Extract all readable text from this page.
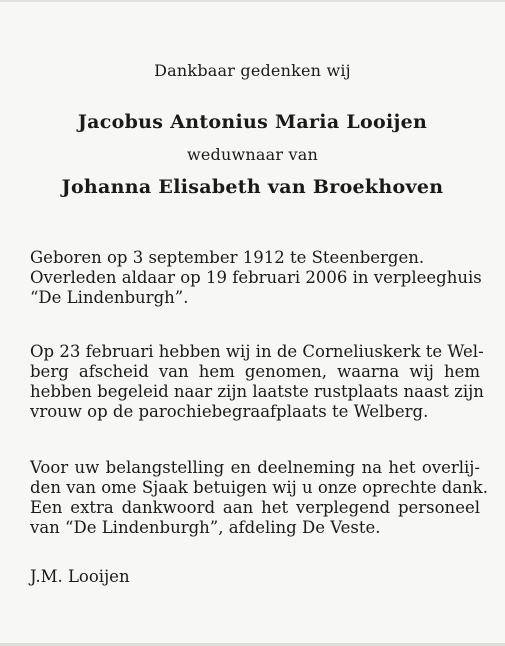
Dankbaar gedenken wij
Jacobus Antonius Maria Looijen
weduwnaar van
Johanna Elisabeth van Broekhoven
Geboren op 3 september 1912 te Steenbergen.
Overleden aldaar op 19 februari 2006 in verpleeghuis
“De Lindenburgh”.
Op 23 februari hebben wij in de Corneliuskerk te Wel-
berg afscheid van hem genomen, waarna wij hem
hebben begeleid naar zijn laatste rustplaats naast zijn
vrouw op de parochiebegraafplaats te Welberg.
Voor uw belangstelling en deelneming na het overlij-
den van ome Sjaak betuigen wij u onze oprechte dank.
Een extra dankwoord aan het verplegend personeel
van “De Lindenburgh”, afdeling De Veste.
J.M. Looijen
